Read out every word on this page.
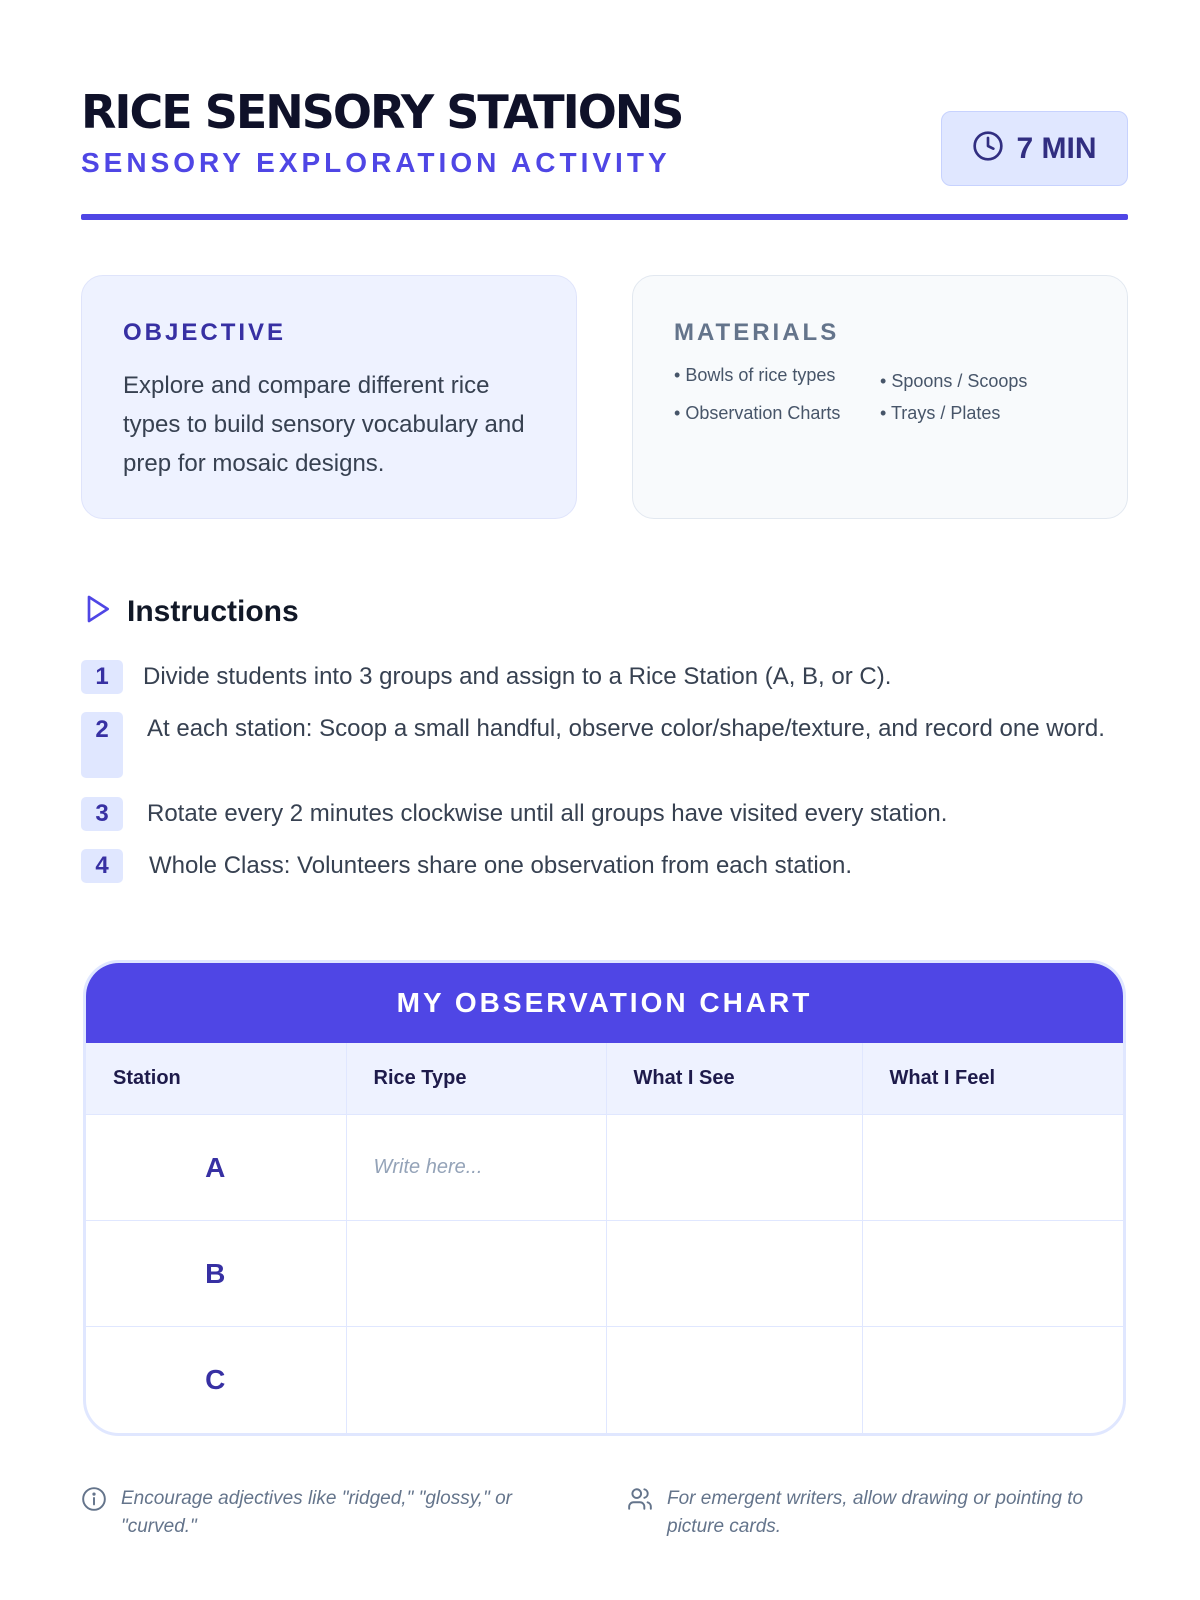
RICE SENSORY STATIONS
SENSORY EXPLORATION ACTIVITY	7 MIN
OBJECTIVE

Explore and compare different rice types to build sensory vocabulary and prep for mosaic designs.

MATERIALS
• Bowls of rice types	• Spoons / Scoops
• Observation Charts	• Trays / Plates
Instructions
1	Divide students into 3 groups and assign to a Rice Station (A, B, or C).
2	At each station: Scoop a small handful, observe color/shape/texture, and record one word.
3	Rotate every 2 minutes clockwise until all groups have visited every station.
4	Whole Class: Volunteers share one observation from each station.
MY OBSERVATION CHART
Station	Rice Type	What I See	What I Feel
A	Write here...		
B			
C			
Encourage adjectives like "ridged," "glossy," or "curved."
For emergent writers, allow drawing or pointing to picture cards.
